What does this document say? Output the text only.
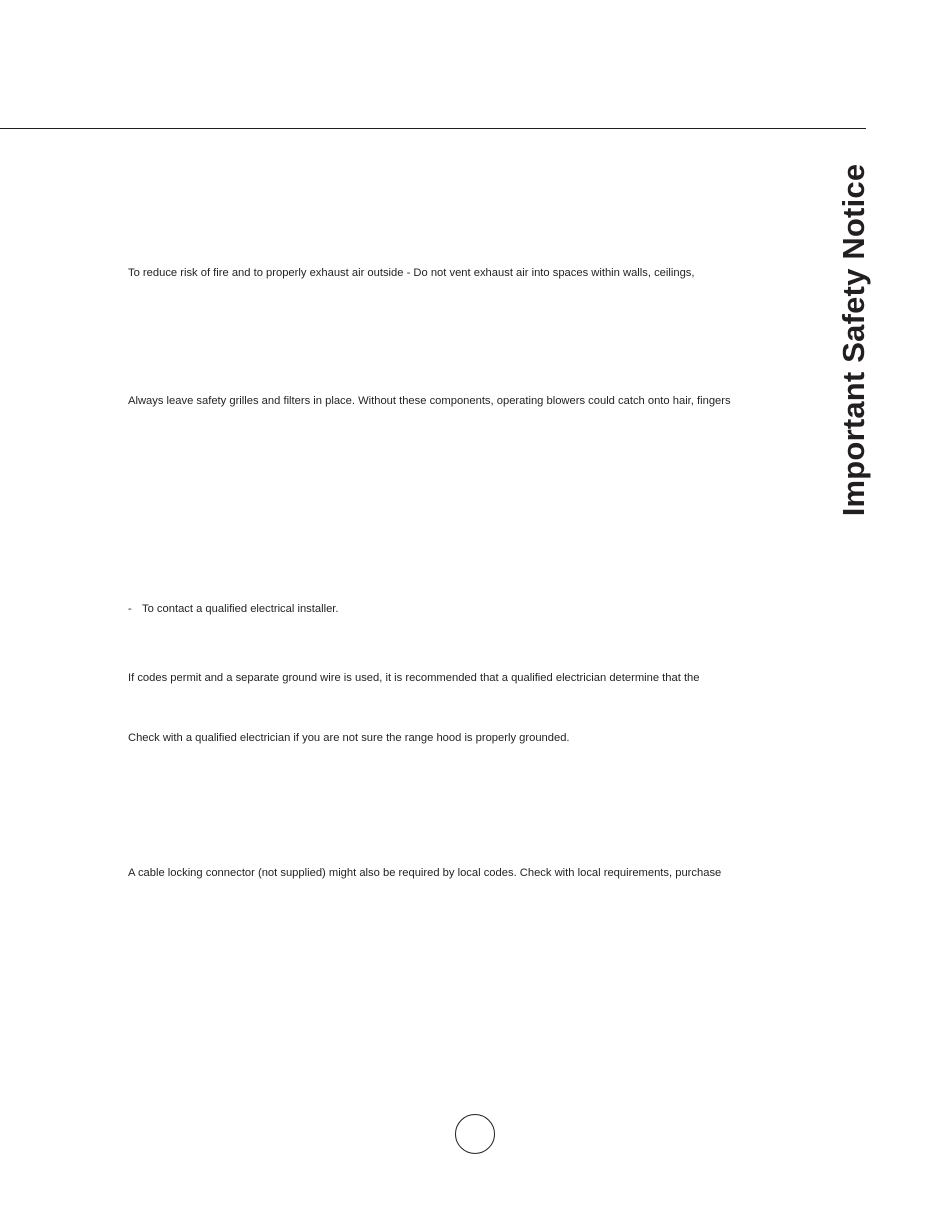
Important Safety Notice
To reduce risk of fire and to properly exhaust air outside - Do not vent exhaust air into spaces within walls, ceilings,
Always leave safety grilles and filters in place. Without these components, operating blowers could catch onto hair, fingers
- To contact a qualified electrical installer.
If codes permit and a separate ground wire is used, it is recommended that a qualified electrician determine that the
Check with a qualified electrician if you are not sure the range hood is properly grounded.
A cable locking connector (not supplied) might also be required by local codes. Check with local requirements, purchase
